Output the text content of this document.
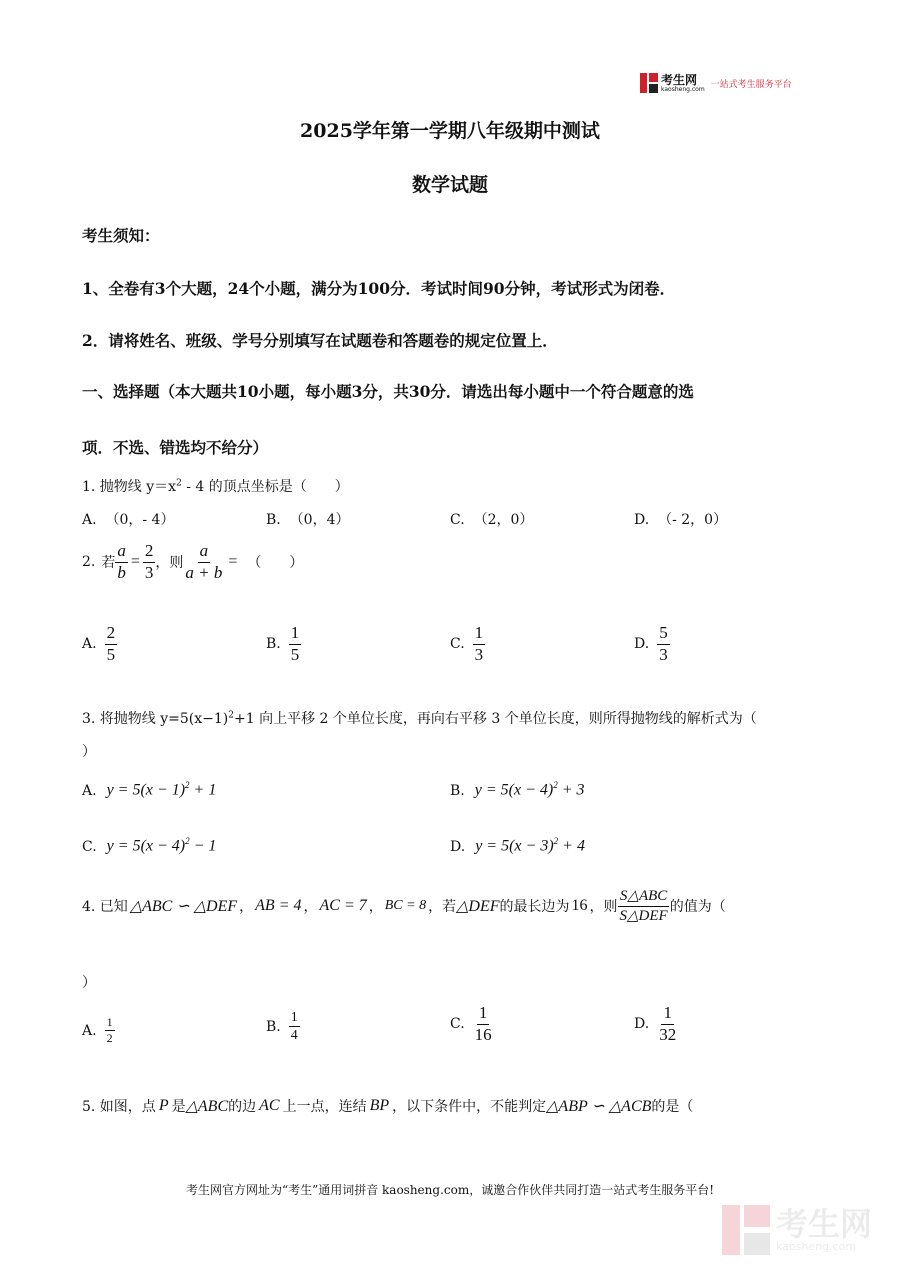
考生网
kaosheng.com 一站式考生服务平台
2025学年第一学期八年级期中测试
数学试题
考生须知：
1、全卷有3个大题，24个小题，满分为100分．考试时间90分钟，考试形式为闭卷．
2．请将姓名、班级、学号分别填写在试题卷和答题卷的规定位置上．
一、选择题（本大题共10小题，每小题3分，共30分．请选出每小题中一个符合题意的选
项．不选、错选均不给分）
1. 抛物线 $y=x^2 - 4$ 的顶点坐标是（　　）
A. （0，- 4）	B. （0，4）	C. （2，0）	D. （- 2，0）
2. 若 $\frac{a}{b} = \frac{2}{3}$ ，则 $\frac{a}{a + b}$ = （　　）
A. $\frac{2}{5}$	B. $\frac{1}{5}$	C. $\frac{1}{3}$	D. $\frac{5}{3}$
3. 将抛物线 $y=5(x-1)^2+1$ 向上平移 2 个单位长度，再向右平移 3 个单位长度，则所得抛物线的解析式为（
）
A. $y = 5(x - 1)^2 + 1$	B. $y = 5(x - 4)^2 + 3$
C. $y = 5(x - 4)^2 - 1$	D. $y = 5(x - 3)^2 + 4$
4. 已知 △ABC ∽ △DEF ， AB = 4 ， AC = 7 ， BC = 8 ，若 △DEF 的最长边为 16 ，则 $\frac{\text{S△ABC}}{\text{S△DEF}}$ 的值为（
）
A. $\frac{1}{2}$	B. $\frac{1}{4}$	C. $\frac{1}{16}$	D. $\frac{1}{32}$
5. 如图，点 P 是 △ABC 的边 AC 上一点，连结 BP ，以下条件中，不能判定 △ABP ∽ △ACB 的是（
考生网官方网址为“考生”通用词拼音 kaosheng.com，诚邀合作伙伴共同打造一站式考生服务平台!
考生网
kaosheng.com
